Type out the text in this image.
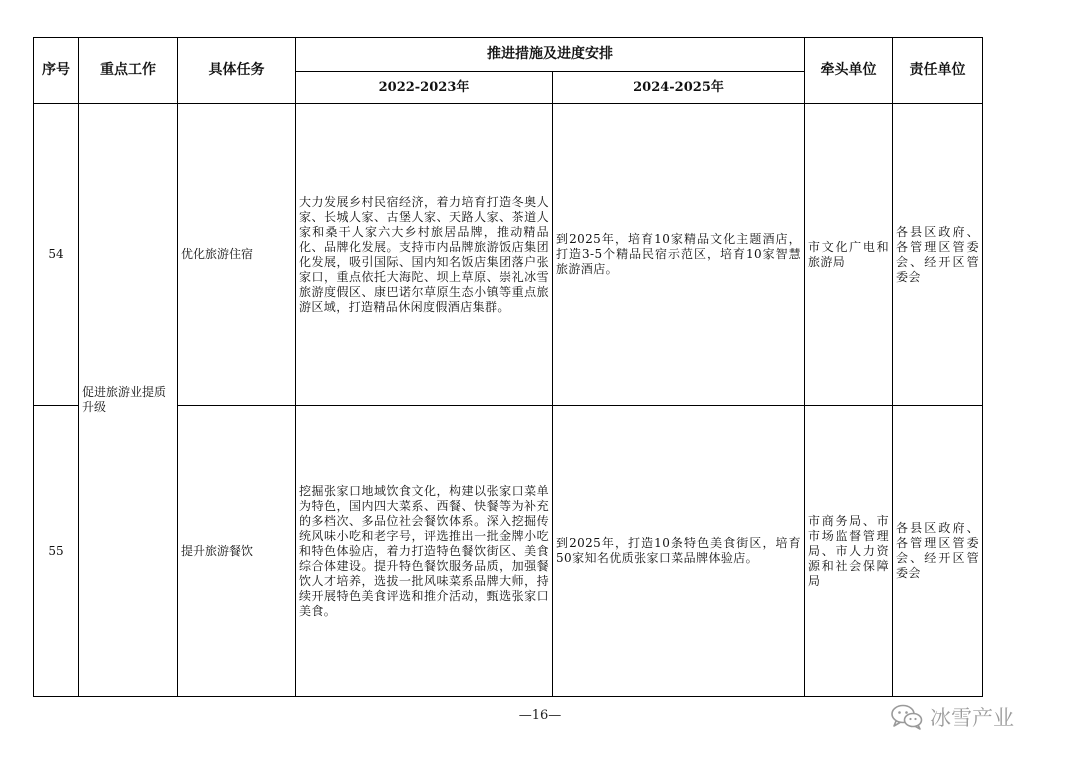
序号	重点工作	具体任务	推进措施及进度安排		牵头单位	责任单位
			2022-2023年	2024-2025年		
54	促进旅游业提质升级	优化旅游住宿	大力发展乡村民宿经济，着力培育打造冬奥人家、长城人家、古堡人家、天路人家、茶道人家和桑干人家六大乡村旅居品牌，推动精品化、品牌化发展。支持市内品牌旅游饭店集团化发展，吸引国际、国内知名饭店集团落户张家口，重点依托大海陀、坝上草原、崇礼冰雪旅游度假区、康巴诺尔草原生态小镇等重点旅游区域，打造精品休闲度假酒店集群。	到2025年，培育10家精品文化主题酒店，打造3-5个精品民宿示范区，培育10家智慧旅游酒店。	市文化广电和旅游局	各县区政府、各管理区管委会、经开区管委会
55		提升旅游餐饮	挖掘张家口地域饮食文化，构建以张家口菜单为特色，国内四大菜系、西餐、快餐等为补充的多档次、多品位社会餐饮体系。深入挖掘传统风味小吃和老字号，评选推出一批金牌小吃和特色体验店，着力打造特色餐饮街区、美食综合体建设。提升特色餐饮服务品质，加强餐饮人才培养，选拔一批风味菜系品牌大师，持续开展特色美食评选和推介活动，甄选张家口美食。	到2025年，打造10条特色美食街区，培育50家知名优质张家口菜品牌体验店。	市商务局、市市场监督管理局、市人力资源和社会保障局	各县区政府、各管理区管委会、经开区管委会
—16—	冰雪产业
